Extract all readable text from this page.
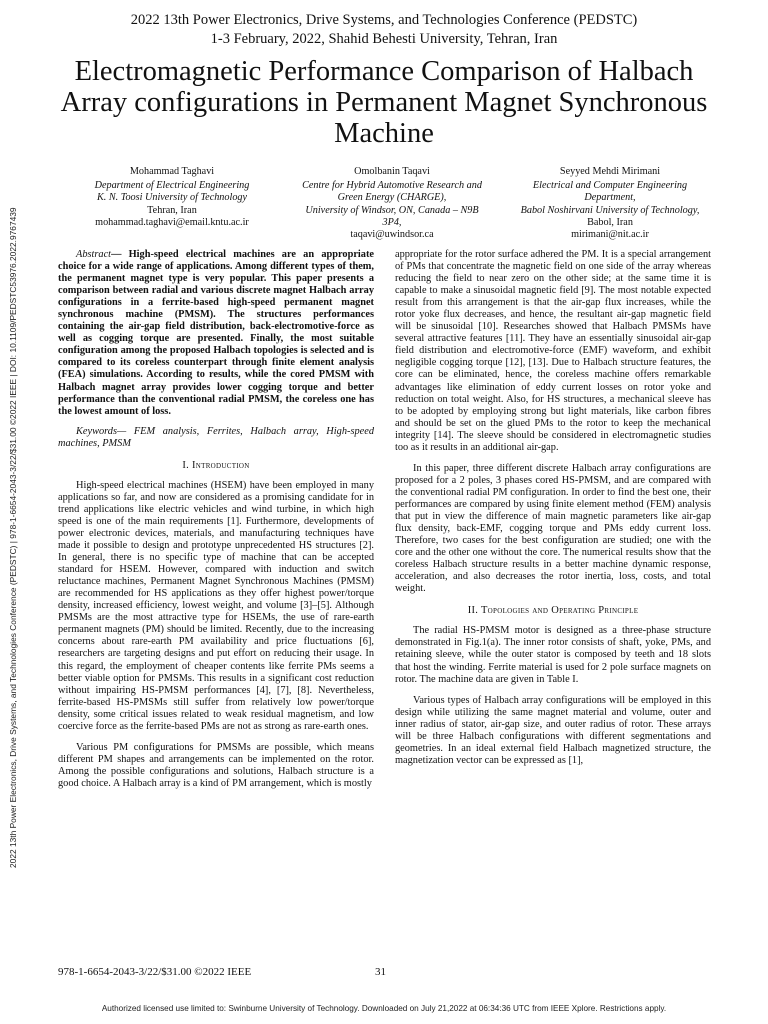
2022 13th Power Electronics, Drive Systems, and Technologies Conference (PEDSTC) | 978-1-6654-2043-3/22/$31.00 ©2022 IEEE | DOI: 10.1109/PEDSTC53976.2022.9767439
2022 13th Power Electronics, Drive Systems, and Technologies Conference (PEDSTC)
1-3 February, 2022, Shahid Behesti University, Tehran, Iran
Electromagnetic Performance Comparison of Halbach Array configurations in Permanent Magnet Synchronous Machine
Mohammad Taghavi
Department of Electrical Engineering
K. N. Toosi University of Technology
Tehran, Iran
mohammad.taghavi@email.kntu.ac.ir
Omolbanin Taqavi
Centre for Hybrid Automotive Research and
Green Energy (CHARGE),
University of Windsor, ON, Canada – N9B
3P4,
taqavi@uwindsor.ca
Seyyed Mehdi Mirimani
Electrical and Computer Engineering
Department,
Babol Noshirvani University of Technology,
Babol, Iran
mirimani@nit.ac.ir

Abstract— High-speed electrical machines are an appropriate choice for a wide range of applications. Among different types of them, the permanent magnet type is very popular. This paper presents a comparison between radial and various discrete magnet Halbach array configurations in a ferrite-based high-speed permanent magnet synchronous machine (PMSM). The structures performances containing the air-gap field distribution, back-electromotive-force as well as cogging torque are presented. Finally, the most suitable configuration among the proposed Halbach topologies is selected and is compared to its coreless counterpart through finite element analysis (FEA) simulations. According to results, while the cored PMSM with Halbach magnet array provides lower cogging torque and better performance than the conventional radial PMSM, the coreless one has the lowest amount of loss.

Keywords— FEM analysis, Ferrites, Halbach array, High-speed machines, PMSM

I. Introduction

High-speed electrical machines (HSEM) have been employed in many applications so far, and now are considered as a promising candidate for in trend applications like electric vehicles and wind turbine, in which high speed is one of the main requirements [1]. Furthermore, developments of power electronic devices, materials, and manufacturing techniques have made it possible to design and prototype unprecedented HS structures [2]. In general, there is no specific type of machine that can be accepted standard for HSEM. However, compared with induction and switch reluctance machines, Permanent Magnet Synchronous Machines (PMSM) are recommended for HS applications as they offer highest power/torque density, increased efficiency, lowest weight, and volume [3]–[5]. Although PMSMs are the most attractive type for HSEMs, the use of rare-earth permanent magnets (PM) should be limited. Recently, due to the increasing concerns about rare-earth PM availability and price fluctuations [6], researchers are targeting designs and put effort on reducing their usage. In this regard, the employment of cheaper contents like ferrite PMs seems a better viable option for PMSMs. This results in a significant cost reduction without impairing HS-PMSM performances [4], [7], [8]. Nevertheless, ferrite-based HS-PMSMs still suffer from relatively low power/torque density, some critical issues related to weak residual magnetism, and low coercive force as the ferrite-based PMs are not as strong as rare-earth ones.

Various PM configurations for PMSMs are possible, which means different PM shapes and arrangements can be implemented on the rotor. Among the possible configurations and solutions, Halbach structure is a good choice. A Halbach array is a kind of PM arrangement, which is mostly

appropriate for the rotor surface adhered the PM. It is a special arrangement of PMs that concentrate the magnetic field on one side of the array whereas reducing the field to near zero on the other side; at the same time it is capable to make a sinusoidal magnetic field [9]. The most notable expected result from this arrangement is that the air-gap flux increases, while the rotor yoke flux decreases, and hence, the resultant air-gap magnetic field will be sinusoidal [10]. Researches showed that Halbach PMSMs have several attractive features [11]. They have an essentially sinusoidal air-gap field distribution and electromotive-force (EMF) waveform, and exhibit negligible cogging torque [12], [13]. Due to Halbach structure features, the core can be eliminated, hence, the coreless machine offers remarkable advantages like elimination of eddy current losses on rotor yoke and reduction on total weight. Also, for HS structures, a mechanical sleeve has to be adopted by employing strong but light materials, like carbon fibres and should be set on the glued PMs to the rotor to keep the mechanical integrity [14]. The sleeve should be considered in electromagnetic studies too as it results in an additional air-gap.

In this paper, three different discrete Halbach array configurations are proposed for a 2 poles, 3 phases cored HS-PMSM, and are compared with the conventional radial PM configuration. In order to find the best one, their performances are compared by using finite element method (FEM) analysis that put in view the difference of main magnetic parameters like air-gap flux density, back-EMF, cogging torque and PMs eddy current loss. Therefore, two cases for the best configuration are studied; one with the core and the other one without the core. The numerical results show that the coreless Halbach structure results in a better machine dynamic response, acceleration, and also decreases the rotor inertia, loss, costs, and total weight.

II. Topologies and Operating Principle

The radial HS-PMSM motor is designed as a three-phase structure demonstrated in Fig.1(a). The inner rotor consists of shaft, yoke, PMs, and retaining sleeve, while the outer stator is composed by teeth and 18 slots that host the winding. Ferrite material is used for 2 pole surface magnets on rotor. The machine data are given in Table I.

Various types of Halbach array configurations will be employed in this design while utilizing the same magnet material and volume, outer and inner radius of stator, air-gap size, and outer radius of rotor. These arrays will be three Halbach configurations with different segmentations and geometries. In an ideal external field Halbach magnetized structure, the magnetization vector can be expressed as [1],

978-1-6654-2043-3/22/$31.00 ©2022 IEEE	31
Authorized licensed use limited to: Swinburne University of Technology. Downloaded on July 21,2022 at 06:34:36 UTC from IEEE Xplore. Restrictions apply.
